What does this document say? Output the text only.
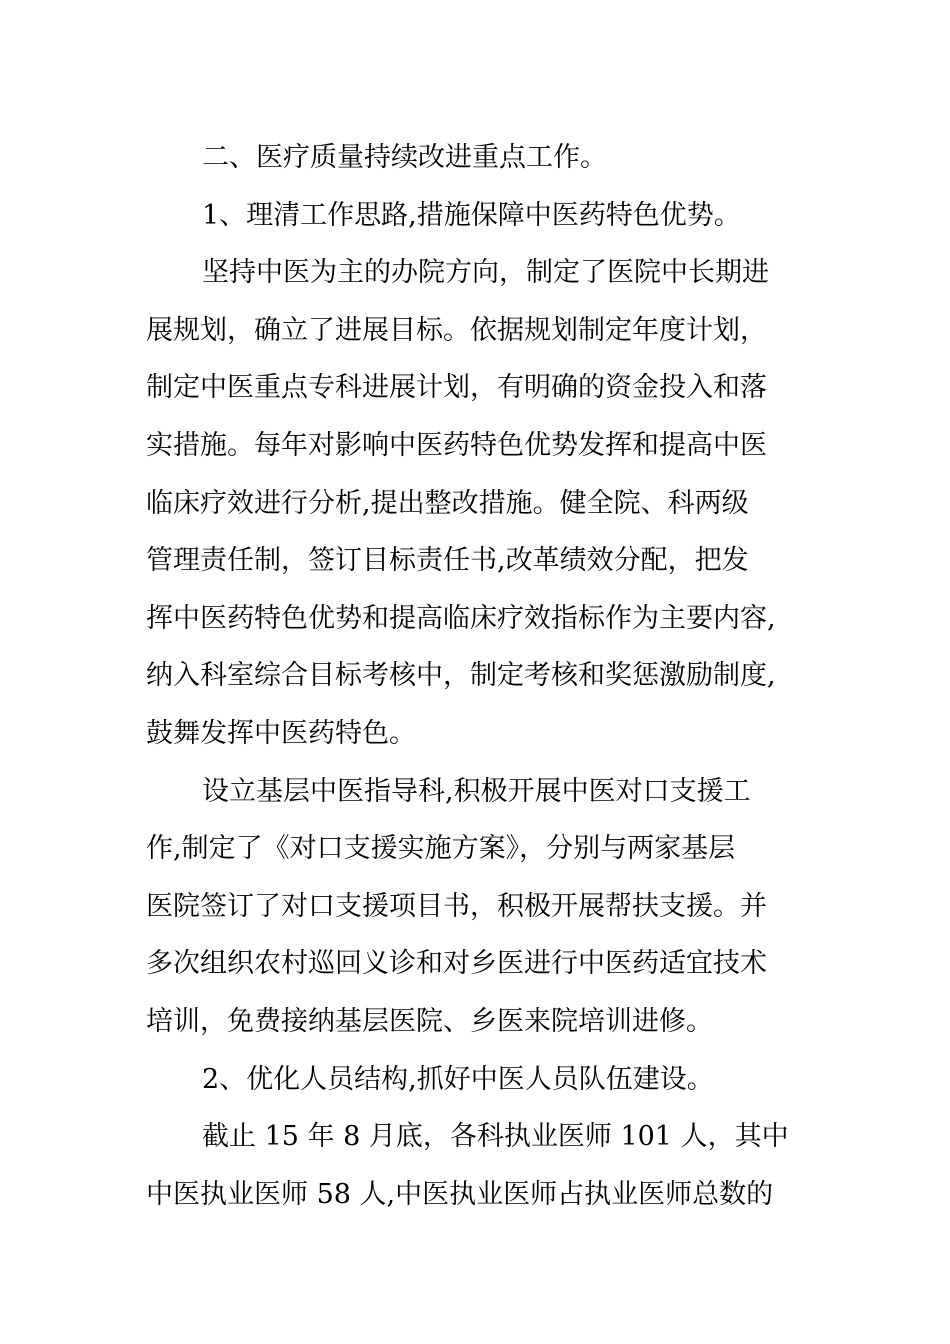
二、医疗质量持续改进重点工作。
1、理清工作思路,措施保障中医药特色优势。
坚持中医为主的办院方向，制定了医院中长期进
展规划，确立了进展目标。依据规划制定年度计划，
制定中医重点专科进展计划，有明确的资金投入和落
实措施。每年对影响中医药特色优势发挥和提高中医
临床疗效进行分析,提出整改措施。健全院、科两级
管理责任制，签订目标责任书,改革绩效分配，把发
挥中医药特色优势和提高临床疗效指标作为主要内容,
纳入科室综合目标考核中，制定考核和奖惩激励制度,
鼓舞发挥中医药特色。
设立基层中医指导科,积极开展中医对口支援工
作,制定了《对口支援实施方案》，分别与两家基层
医院签订了对口支援项目书，积极开展帮扶支援。并
多次组织农村巡回义诊和对乡医进行中医药适宜技术
培训，免费接纳基层医院、乡医来院培训进修。
2、优化人员结构,抓好中医人员队伍建设。
截止 15 年 8 月底，各科执业医师 101 人，其中
中医执业医师 58 人,中医执业医师占执业医师总数的
